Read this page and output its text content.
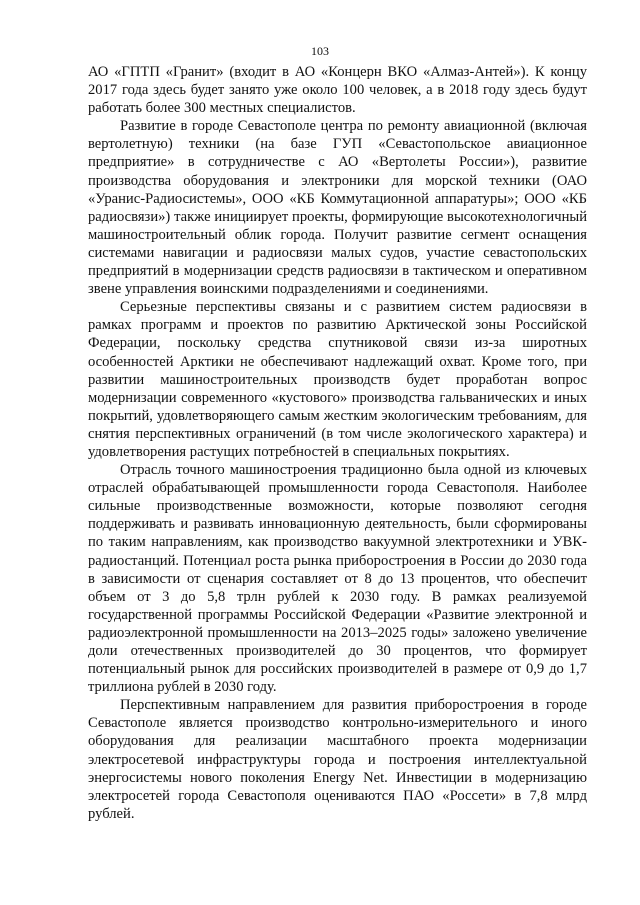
103

АО «ГПТП «Гранит» (входит в АО «Концерн ВКО «Алмаз-Антей»). К концу 2017 года здесь будет занято уже около 100 человек, а в 2018 году здесь будут работать более 300 местных специалистов.

Развитие в городе Севастополе центра по ремонту авиационной (включая вертолетную) техники (на базе ГУП «Севастопольское авиационное предприятие» в сотрудничестве с АО «Вертолеты России»), развитие производства оборудования и электроники для морской техники (ОАО «Уранис-Радиосистемы», ООО «КБ Коммутационной аппаратуры»; ООО «КБ радиосвязи») также инициирует проекты, формирующие высокотехнологичный машиностроительный облик города. Получит развитие сегмент оснащения системами навигации и радиосвязи малых судов, участие севастопольских предприятий в модернизации средств радиосвязи в тактическом и оперативном звене управления воинскими подразделениями и соединениями.

Серьезные перспективы связаны и с развитием систем радиосвязи в рамках программ и проектов по развитию Арктической зоны Российской Федерации, поскольку средства спутниковой связи из-за широтных особенностей Арктики не обеспечивают надлежащий охват. Кроме того, при развитии машиностроительных производств будет проработан вопрос модернизации современного «кустового» производства гальванических и иных покрытий, удовлетворяющего самым жестким экологическим требованиям, для снятия перспективных ограничений (в том числе экологического характера) и удовлетворения растущих потребностей в специальных покрытиях.

Отрасль точного машиностроения традиционно была одной из ключевых отраслей обрабатывающей промышленности города Севастополя. Наиболее сильные производственные возможности, которые позволяют сегодня поддерживать и развивать инновационную деятельность, были сформированы по таким направлениям, как производство вакуумной электротехники и УВК-радиостанций. Потенциал роста рынка приборостроения в России до 2030 года в зависимости от сценария составляет от 8 до 13 процентов, что обеспечит объем от 3 до 5,8 трлн рублей к 2030 году. В рамках реализуемой государственной программы Российской Федерации «Развитие электронной и радиоэлектронной промышленности на 2013–2025 годы» заложено увеличение доли отечественных производителей до 30 процентов, что формирует потенциальный рынок для российских производителей в размере от 0,9 до 1,7 триллиона рублей в 2030 году.

Перспективным направлением для развития приборостроения в городе Севастополе является производство контрольно-измерительного и иного оборудования для реализации масштабного проекта модернизации электросетевой инфраструктуры города и построения интеллектуальной энергосистемы нового поколения Energy Net. Инвестиции в модернизацию электросетей города Севастополя оцениваются ПАО «Россети» в 7,8 млрд рублей.
